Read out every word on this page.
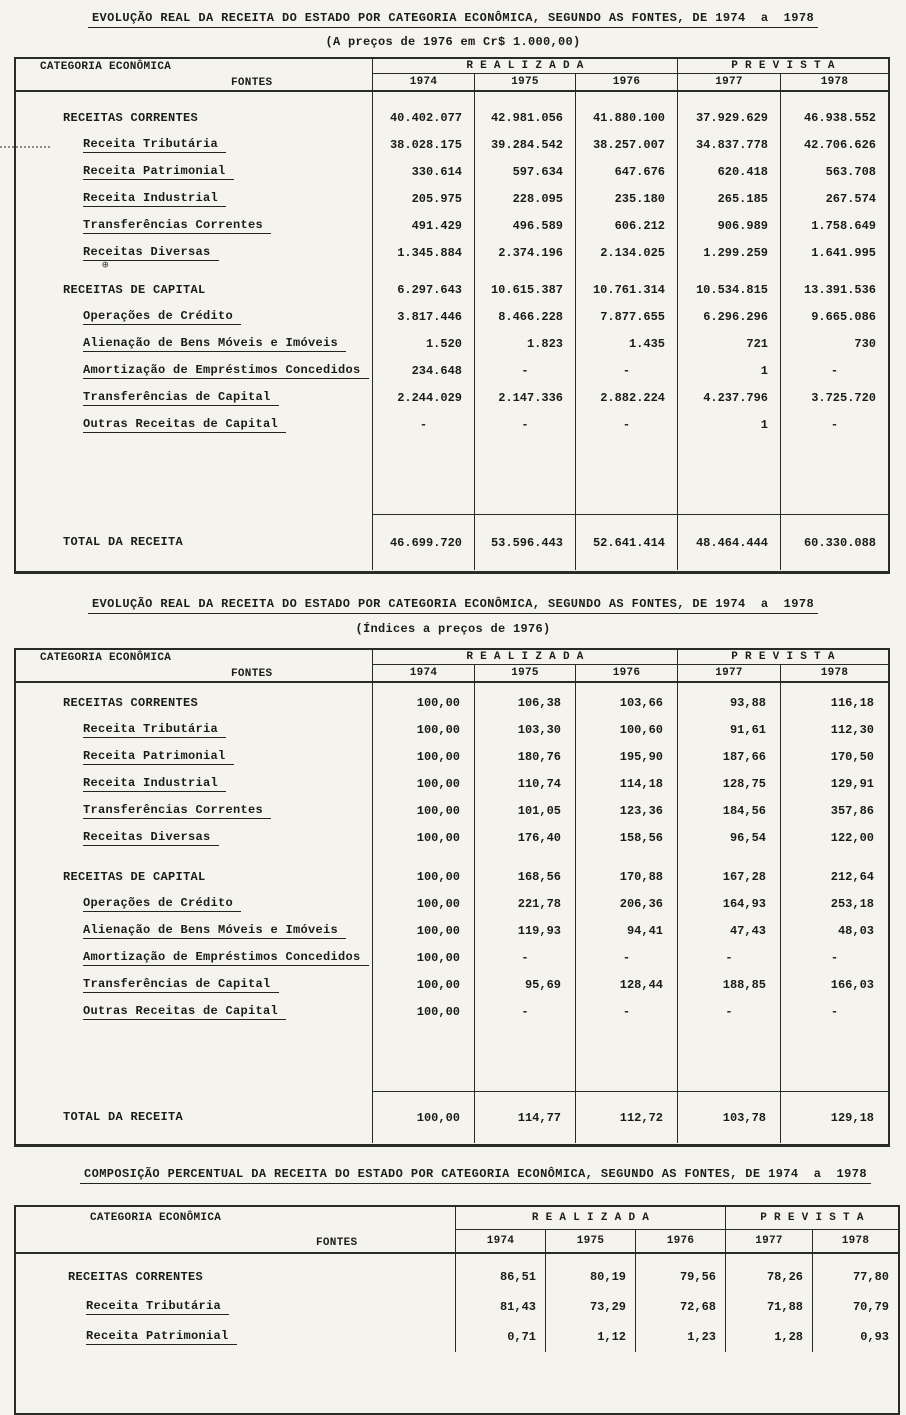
⊕
EVOLUÇÃO REAL DA RECEITA DO ESTADO POR CATEGORIA ECONÔMICA, SEGUNDO AS FONTES, DE 1974  a  1978
(A preços de 1976 em Cr$ 1.000,00)
CATEGORIA ECONÔMICA
FONTES
R E A L I Z A D A	P R E V I S T A
1974	1975	1976	1977	1978
RECEITAS CORRENTES	40.402.077	42.981.056	41.880.100	37.929.629	46.938.552
Receita Tributária	38.028.175	39.284.542	38.257.007	34.837.778	42.706.626
Receita Patrimonial	330.614	597.634	647.676	620.418	563.708
Receita Industrial	205.975	228.095	235.180	265.185	267.574
Transferências Correntes	491.429	496.589	606.212	906.989	1.758.649
Receitas Diversas	1.345.884	2.374.196	2.134.025	1.299.259	1.641.995
RECEITAS DE CAPITAL	6.297.643	10.615.387	10.761.314	10.534.815	13.391.536
Operações de Crédito	3.817.446	8.466.228	7.877.655	6.296.296	9.665.086
Alienação de Bens Móveis e Imóveis	1.520	1.823	1.435	721	730
Amortização de Empréstimos Concedidos	234.648	-	-	1	-
Transferências de Capital	2.244.029	2.147.336	2.882.224	4.237.796	3.725.720
Outras Receitas de Capital	-	-	-	1	-
TOTAL DA RECEITA	46.699.720	53.596.443	52.641.414	48.464.444	60.330.088
EVOLUÇÃO REAL DA RECEITA DO ESTADO POR CATEGORIA ECONÔMICA, SEGUNDO AS FONTES, DE 1974  a  1978
(Índices a preços de 1976)
CATEGORIA ECONÔMICA
FONTES
R E A L I Z A D A	P R E V I S T A
1974	1975	1976	1977	1978
RECEITAS CORRENTES	100,00	106,38	103,66	93,88	116,18
Receita Tributária	100,00	103,30	100,60	91,61	112,30
Receita Patrimonial	100,00	180,76	195,90	187,66	170,50
Receita Industrial	100,00	110,74	114,18	128,75	129,91
Transferências Correntes	100,00	101,05	123,36	184,56	357,86
Receitas Diversas	100,00	176,40	158,56	96,54	122,00
RECEITAS DE CAPITAL	100,00	168,56	170,88	167,28	212,64
Operações de Crédito	100,00	221,78	206,36	164,93	253,18
Alienação de Bens Móveis e Imóveis	100,00	119,93	94,41	47,43	48,03
Amortização de Empréstimos Concedidos	100,00	-	-	-	-
Transferências de Capital	100,00	95,69	128,44	188,85	166,03
Outras Receitas de Capital	100,00	-	-	-	-
TOTAL DA RECEITA	100,00	114,77	112,72	103,78	129,18
COMPOSIÇÃO PERCENTUAL DA RECEITA DO ESTADO POR CATEGORIA ECONÔMICA, SEGUNDO AS FONTES, DE 1974  a  1978
CATEGORIA ECONÔMICA
FONTES
R E A L I Z A D A	P R E V I S T A
1974	1975	1976	1977	1978
RECEITAS CORRENTES	86,51	80,19	79,56	78,26	77,80
Receita Tributária	81,43	73,29	72,68	71,88	70,79
Receita Patrimonial	0,71	1,12	1,23	1,28	0,93
